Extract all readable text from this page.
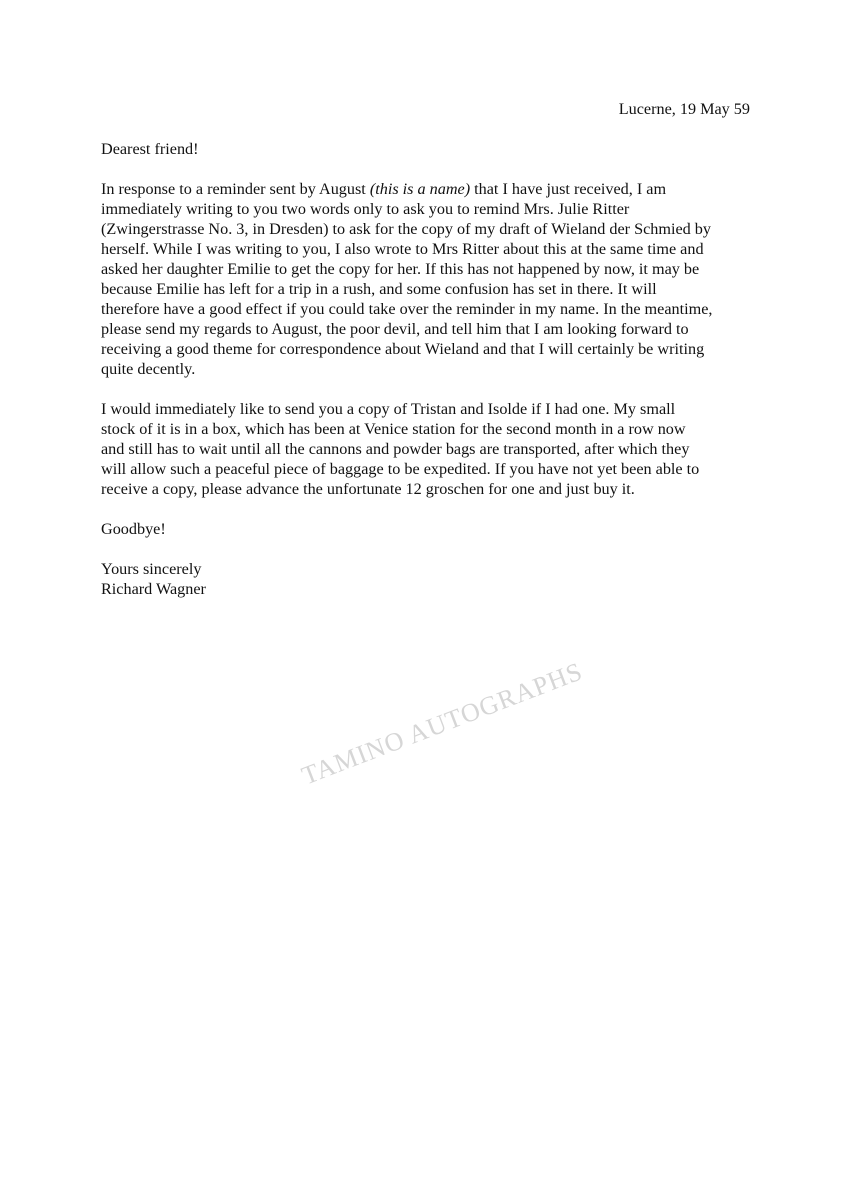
Lucerne, 19 May 59

Dearest friend!

In response to a reminder sent by August (this is a name) that I have just received, I am
immediately writing to you two words only to ask you to remind Mrs. Julie Ritter
(Zwingerstrasse No. 3, in Dresden) to ask for the copy of my draft of Wieland der Schmied by
herself. While I was writing to you, I also wrote to Mrs Ritter about this at the same time and
asked her daughter Emilie to get the copy for her. If this has not happened by now, it may be
because Emilie has left for a trip in a rush, and some confusion has set in there. It will
therefore have a good effect if you could take over the reminder in my name. In the meantime,
please send my regards to August, the poor devil, and tell him that I am looking forward to
receiving a good theme for correspondence about Wieland and that I will certainly be writing
quite decently.

I would immediately like to send you a copy of Tristan and Isolde if I had one. My small
stock of it is in a box, which has been at Venice station for the second month in a row now
and still has to wait until all the cannons and powder bags are transported, after which they
will allow such a peaceful piece of baggage to be expedited. If you have not yet been able to
receive a copy, please advance the unfortunate 12 groschen for one and just buy it.

Goodbye!

Yours sincerely

Richard Wagner

TAMINO AUTOGRAPHS
